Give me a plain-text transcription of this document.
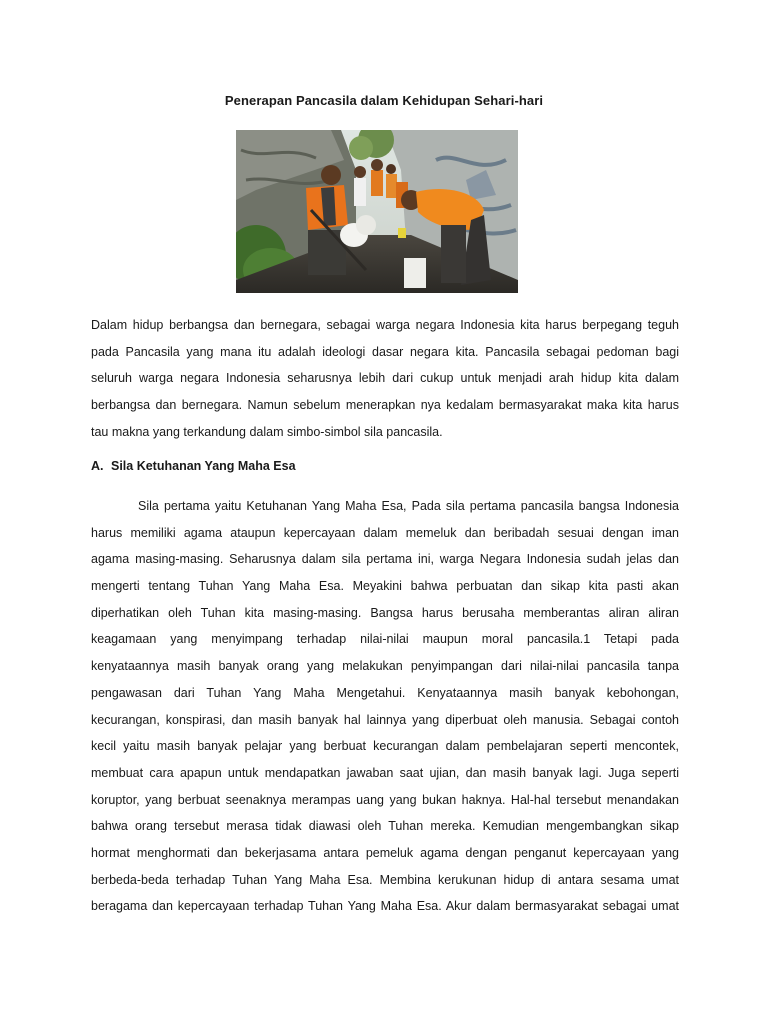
Penerapan Pancasila dalam Kehidupan Sehari-hari
Dalam hidup berbangsa dan bernegara, sebagai warga negara Indonesia kita harus berpegang teguh
pada Pancasila yang mana itu adalah ideologi dasar negara kita. Pancasila sebagai pedoman bagi
seluruh warga negara Indonesia seharusnya lebih dari cukup untuk menjadi arah hidup kita dalam
berbangsa dan bernegara. Namun sebelum menerapkan nya kedalam bermasyarakat maka kita harus
tau makna yang terkandung dalam simbo-simbol sila pancasila.
A. Sila Ketuhanan Yang Maha Esa
Sila pertama yaitu Ketuhanan Yang Maha Esa, Pada sila pertama pancasila bangsa Indonesia
harus memiliki agama ataupun kepercayaan dalam memeluk dan beribadah sesuai dengan iman
agama masing-masing. Seharusnya dalam sila pertama ini, warga Negara Indonesia sudah jelas dan
mengerti tentang Tuhan Yang Maha Esa. Meyakini bahwa perbuatan dan sikap kita pasti akan
diperhatikan oleh Tuhan kita masing-masing. Bangsa harus berusaha memberantas aliran aliran
keagamaan yang menyimpang terhadap nilai-nilai maupun moral pancasila.1 Tetapi pada
kenyataannya masih banyak orang yang melakukan penyimpangan dari nilai-nilai pancasila tanpa
pengawasan dari Tuhan Yang Maha Mengetahui. Kenyataannya masih banyak kebohongan,
kecurangan, konspirasi, dan masih banyak hal lainnya yang diperbuat oleh manusia. Sebagai contoh
kecil yaitu masih banyak pelajar yang berbuat kecurangan dalam pembelajaran seperti mencontek,
membuat cara apapun untuk mendapatkan jawaban saat ujian, dan masih banyak lagi. Juga seperti
koruptor, yang berbuat seenaknya merampas uang yang bukan haknya. Hal-hal tersebut menandakan
bahwa orang tersebut merasa tidak diawasi oleh Tuhan mereka. Kemudian mengembangkan sikap
hormat menghormati dan bekerjasama antara pemeluk agama dengan penganut kepercayaan yang
berbeda-beda terhadap Tuhan Yang Maha Esa. Membina kerukunan hidup di antara sesama umat
beragama dan kepercayaan terhadap Tuhan Yang Maha Esa. Akur dalam bermasyarakat sebagai umat
